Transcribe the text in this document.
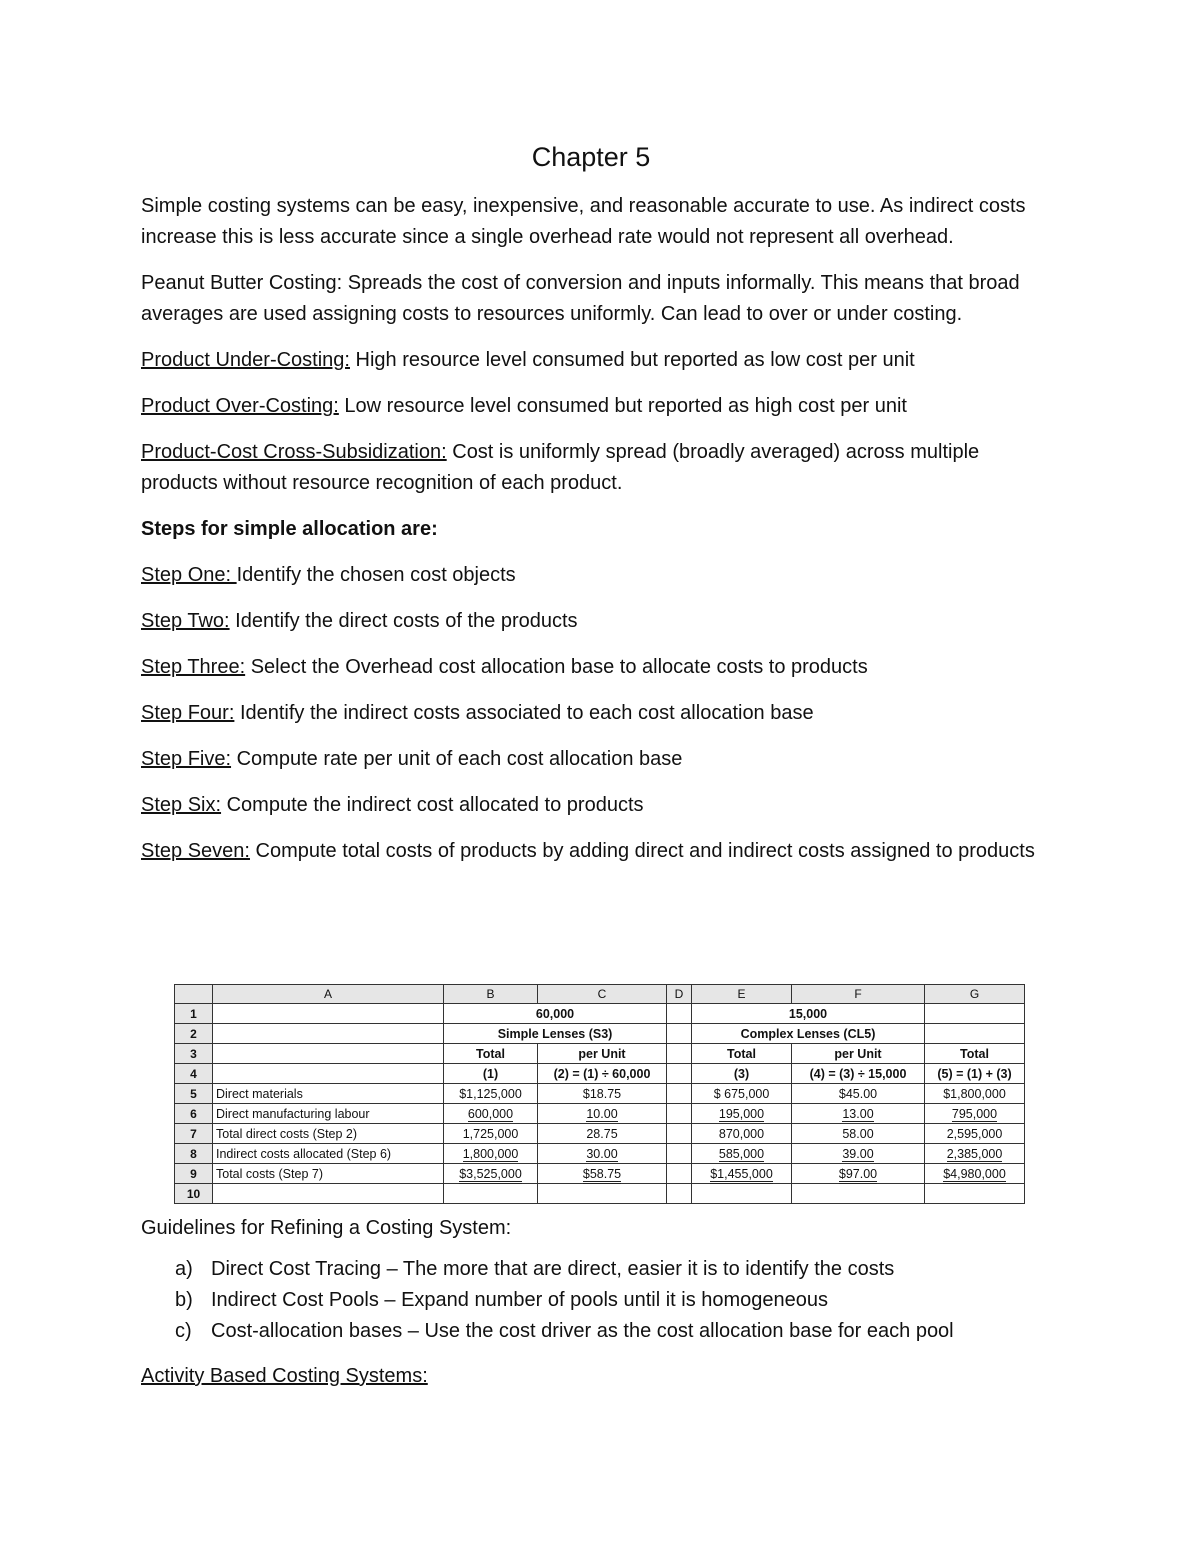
Chapter 5

Simple costing systems can be easy, inexpensive, and reasonable accurate to use. As indirect costs increase this is less accurate since a single overhead rate would not represent all overhead.

Peanut Butter Costing: Spreads the cost of conversion and inputs informally. This means that broad averages are used assigning costs to resources uniformly. Can lead to over or under costing.

Product Under-Costing: High resource level consumed but reported as low cost per unit

Product Over-Costing: Low resource level consumed but reported as high cost per unit

Product-Cost Cross-Subsidization: Cost is uniformly spread (broadly averaged) across multiple products without resource recognition of each product.

Steps for simple allocation are:

Step One: Identify the chosen cost objects

Step Two: Identify the direct costs of the products

Step Three: Select the Overhead cost allocation base to allocate costs to products

Step Four: Identify the indirect costs associated to each cost allocation base

Step Five: Compute rate per unit of each cost allocation base

Step Six: Compute the indirect cost allocated to products

Step Seven: Compute total costs of products by adding direct and indirect costs assigned to products

	A	B	C	D	E	F	G
1		60,000			15,000		
2		Simple Lenses (S3)			Complex Lenses (CL5)		
3		Total	per Unit		Total	per Unit	Total
4		(1)	(2) = (1) ÷ 60,000		(3)	(4) = (3) ÷ 15,000	(5) = (1) + (3)
5	Direct materials	$1,125,000	$18.75		$ 675,000	$45.00	$1,800,000
6	Direct manufacturing labour	600,000	10.00		195,000	13.00	795,000
7	Total direct costs (Step 2)	1,725,000	28.75		870,000	58.00	2,595,000
8	Indirect costs allocated (Step 6)	1,800,000	30.00		585,000	39.00	2,385,000
9	Total costs (Step 7)	$3,525,000	$58.75		$1,455,000	$97.00	$4,980,000
10							
Guidelines for Refining a Costing System:
a) Direct Cost Tracing – The more that are direct, easier it is to identify the costs
b) Indirect Cost Pools – Expand number of pools until it is homogeneous
c) Cost-allocation bases – Use the cost driver as the cost allocation base for each pool
Activity Based Costing Systems:
